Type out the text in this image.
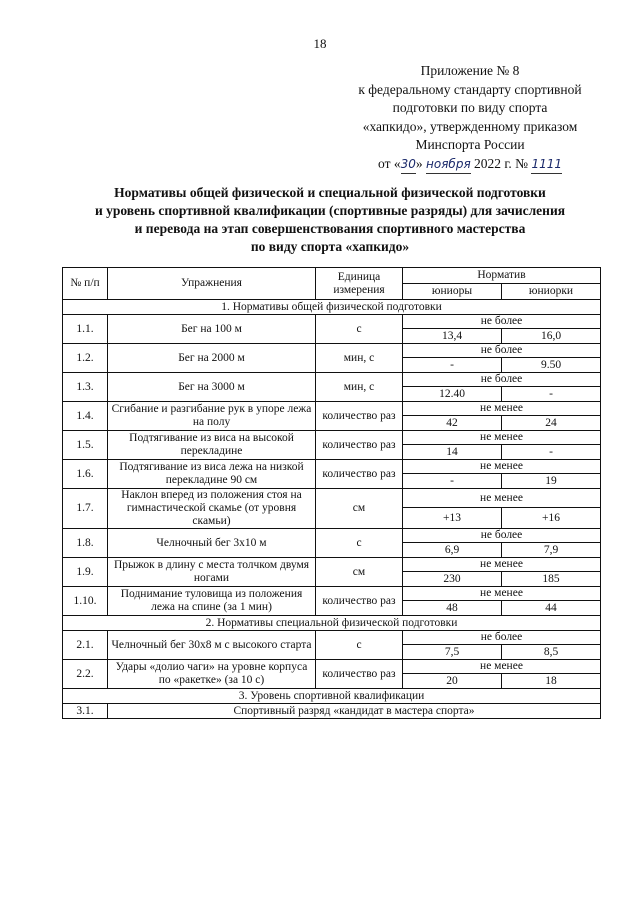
18
Приложение № 8
к федеральному стандарту спортивной
подготовки по виду спорта
«хапкидо», утвержденному приказом
Минспорта России
от «30» ноября 2022 г. № 1111
Нормативы общей физической и специальной физической подготовки
и уровень спортивной квалификации (спортивные разряды) для зачисления
и перевода на этап совершенствования спортивного мастерства
по виду спорта «хапкидо»
№ п/п	Упражнения	Единица измерения	Норматив	
			юниоры	юниорки
1. Нормативы общей физической подготовки				
1.1.	Бег на 100 м	с	не более	
			13,4	16,0
1.2.	Бег на 2000 м	мин, с	не более	
			-	9.50
1.3.	Бег на 3000 м	мин, с	не более	
			12.40	-
1.4.	Сгибание и разгибание рук в упоре лежа на полу	количество раз	не менее	
			42	24
1.5.	Подтягивание из виса на высокой перекладине	количество раз	не менее	
			14	-
1.6.	Подтягивание из виса лежа на низкой перекладине 90 см	количество раз	не менее	
			-	19
1.7.	Наклон вперед из положения стоя на гимнастической скамье (от уровня скамьи)	см	не менее	
			+13	+16
1.8.	Челночный бег 3х10 м	с	не более	
			6,9	7,9
1.9.	Прыжок в длину с места толчком двумя ногами	см	не менее	
			230	185
1.10.	Поднимание туловища из положения лежа на спине (за 1 мин)	количество раз	не менее	
			48	44
2. Нормативы специальной физической подготовки				
2.1.	Челночный бег 30х8 м с высокого старта	с	не более	
			7,5	8,5
2.2.	Удары «долио чаги» на уровне корпуса по «ракетке» (за 10 с)	количество раз	не менее	
			20	18
3. Уровень спортивной квалификации				
3.1.	Спортивный разряд «кандидат в мастера спорта»			
